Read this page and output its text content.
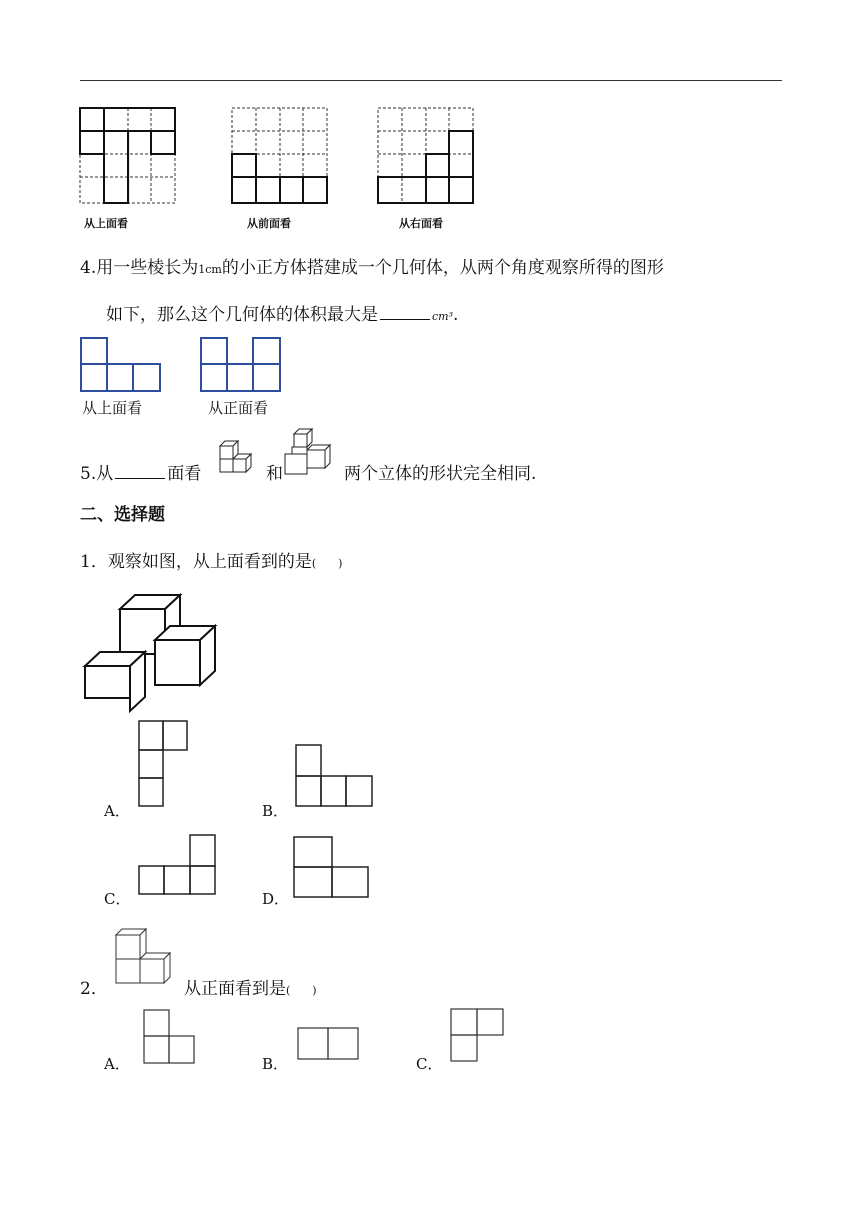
从上面看	从前面看	从右面看
4.用一些棱长为1cm的小正方体搭建成一个几何体，从两个角度观察所得的图形
如下，那么这个几何体的体积最大是	cm³.
从上面看	从正面看
5.从	面看	和	两个立体的形状完全相同.
二、选择题
1．观察如图，从上面看到的是(　　)
A．	B．
C．	D．
2．	从正面看到是(　　)
A．	B．	C．
